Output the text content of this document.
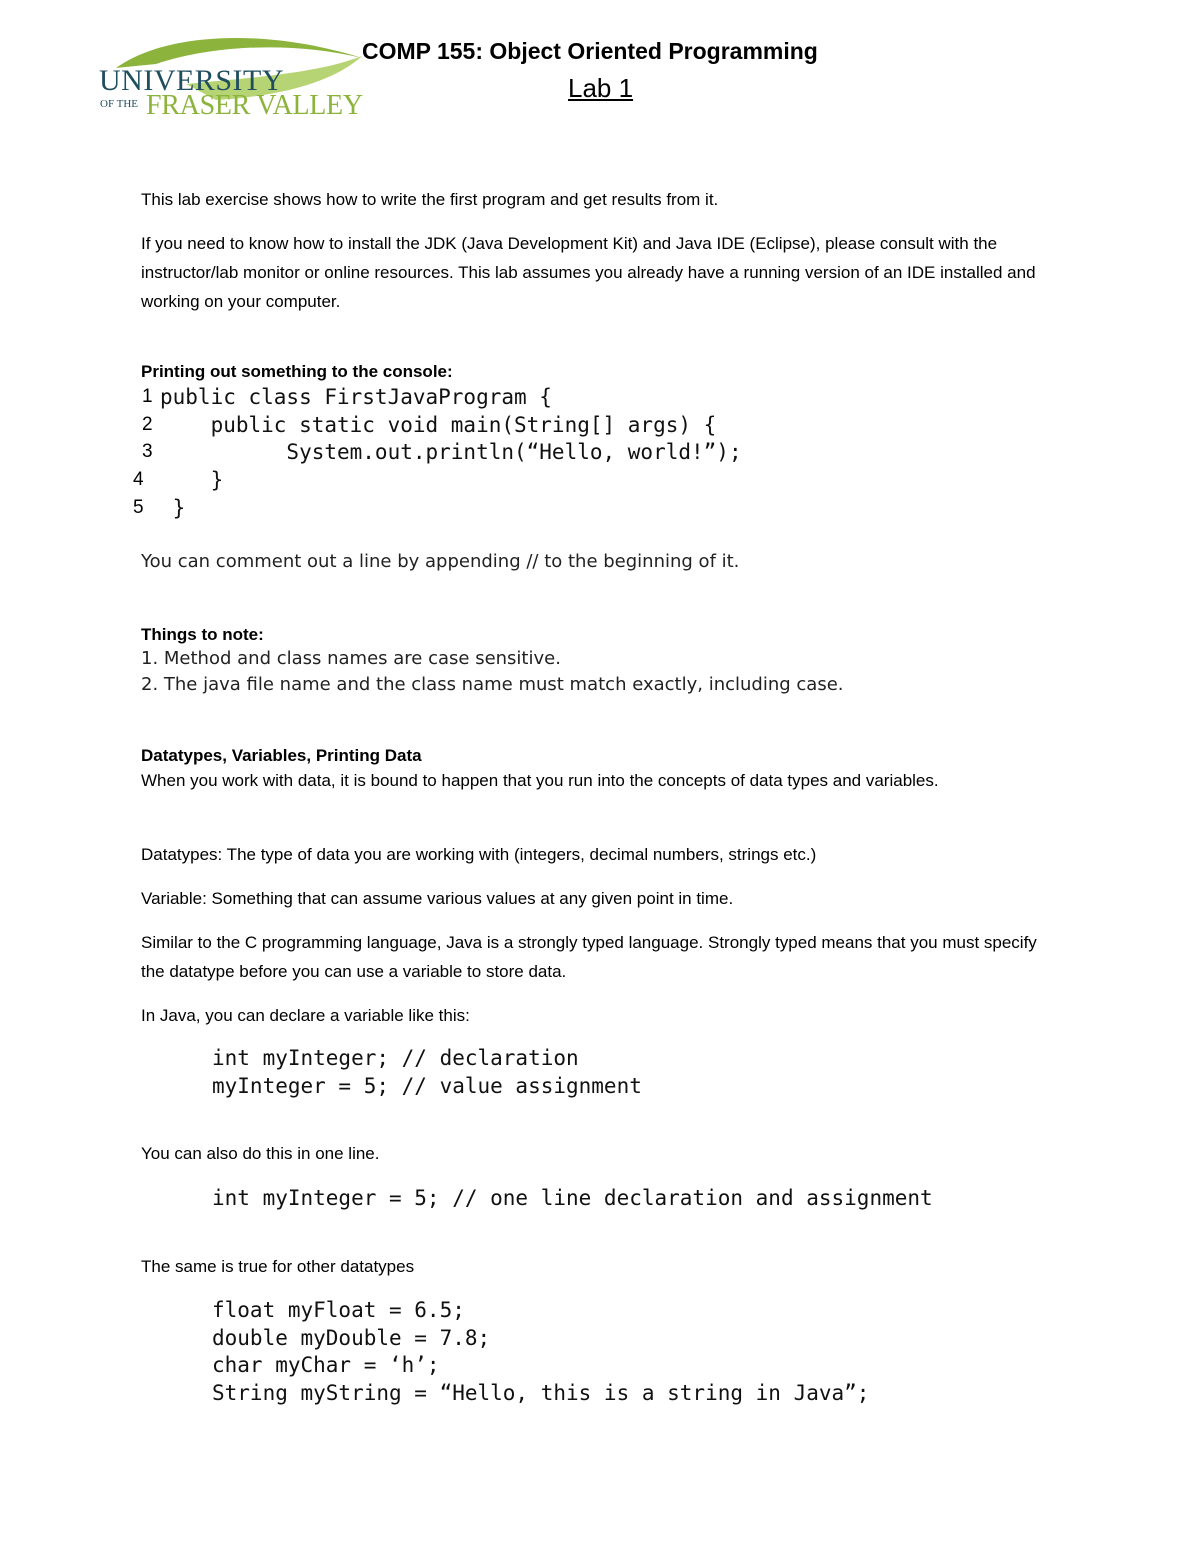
UNIVERSITY
OF THE FRASER VALLEY
COMP 155: Object Oriented Programming
Lab 1

This lab exercise shows how to write the first program and get results from it.

If you need to know how to install the JDK (Java Development Kit) and Java IDE (Eclipse), please consult with the instructor/lab monitor or online resources. This lab assumes you already have a running version of an IDE installed and working on your computer.

Printing out something to the console:

1
2
3
4
5
public class FirstJavaProgram {
public static void main(String[] args) {
System.out.println(“Hello, world!”);
}
}

You can comment out a line by appending // to the beginning of it.

Things to note:

1. Method and class names are case sensitive.

2. The java file name and the class name must match exactly, including case.

Datatypes, Variables, Printing Data

When you work with data, it is bound to happen that you run into the concepts of data types and variables.

Datatypes: The type of data you are working with (integers, decimal numbers, strings etc.)

Variable: Something that can assume various values at any given point in time.

Similar to the C programming language, Java is a strongly typed language. Strongly typed means that you must specify the datatype before you can use a variable to store data.

In Java, you can declare a variable like this:

int myInteger; // declaration
myInteger = 5; // value assignment

You can also do this in one line.

int myInteger = 5; // one line declaration and assignment

The same is true for other datatypes

float myFloat = 6.5;
double myDouble = 7.8;
char myChar = ‘h’;
String myString = “Hello, this is a string in Java”;
